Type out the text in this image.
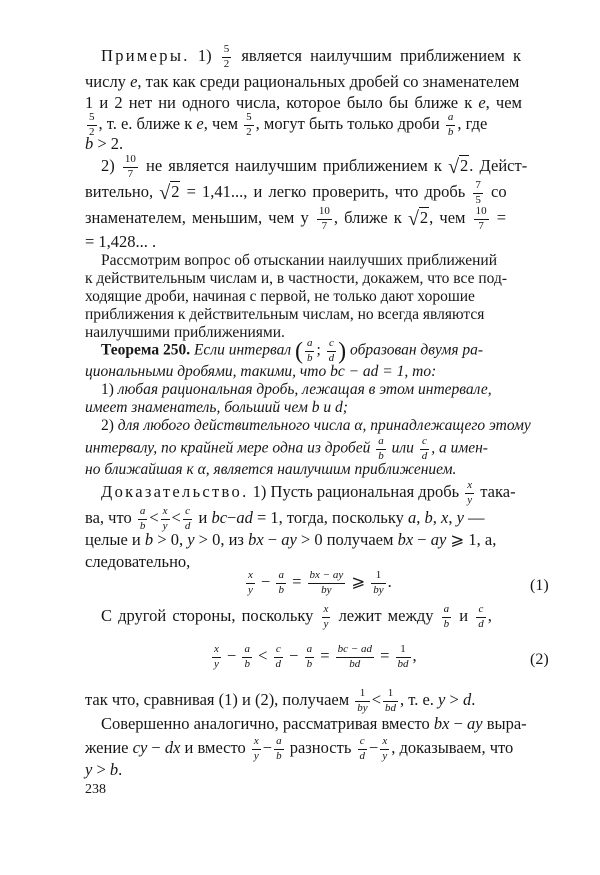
Примеры. $1) \frac{5}{2}$ является наилучшим приближением к
числу e, так как среди рациональных дробей со знаменателем
1 и 2 нет ни одного числа, которое было бы ближе к e, чем
$\frac{5}{2}$ , т. е. ближе к e, чем $\frac{5}{2}$ , могут быть только дроби $\frac{a}{b}$ , где
b > 2.
$2) \frac{10}{7}$ не является наилучшим приближением к √2. Дейст-
вительно, √2 = 1,41..., и легко проверить, что дробь $\frac{7}{5}$ со
знаменателем, меньшим, чем у $\frac{10}{7}$ , ближе к √2, чем $\frac{10}{7}$ =
= 1,428... .
Рассмотрим вопрос об отыскании наилучших приближений
к действительным числам и, в частности, докажем, что все под-
ходящие дроби, начиная с первой, не только дают хорошие
приближения к действительным числам, но всегда являются
наилучшими приближениями.
Теорема 250. Если интервал ( $\frac{a}{b}$ ; $\frac{c}{d}$ ) образован двумя ра-
циональными дробями, такими, что bc − ad = 1, то:
1) любая рациональная дробь, лежащая в этом интервале,
имеет знаменатель, больший чем b и d;
2) для любого действительного числа α, принадлежащего этому
интервалу, по крайней мере одна из дробей $\frac{a}{b}$ или $\frac{c}{d}$ , а имен-
но ближайшая к α, является наилучшим приближением.
Доказательство. 1) Пусть рациональная дробь $\frac{x}{y}$ така-
ва, что $\frac{a}{b} < \frac{x}{y} < \frac{c}{d}$ и bc−ad = 1, тогда, поскольку a, b, x, y —
целые и b > 0, y > 0, из bx − ay > 0 получаем bx − ay ⩾ 1, а,
следовательно,
$\frac{x}{y} - \frac{a}{b} = \frac{bx - ay}{by}$ ⩾ $\frac{1}{by}$ .	(1)
С другой стороны, поскольку $\frac{x}{y}$ лежит между $\frac{a}{b}$ и $\frac{c}{d}$ ,
$\frac{x}{y} - \frac{a}{b} < \frac{c}{d} - \frac{a}{b} = \frac{bc - ad}{bd} = \frac{1}{bd}$ ,	(2)
так что, сравнивая (1) и (2), получаем $\frac{1}{by} < \frac{1}{bd}$ , т. е. y > d.
Совершенно аналогично, рассматривая вместо bx − ay выра-
жение cy − dx и вместо $\frac{x}{y} - \frac{a}{b}$ разность $\frac{c}{d} - \frac{x}{y}$ , доказываем, что
y > b.
238
